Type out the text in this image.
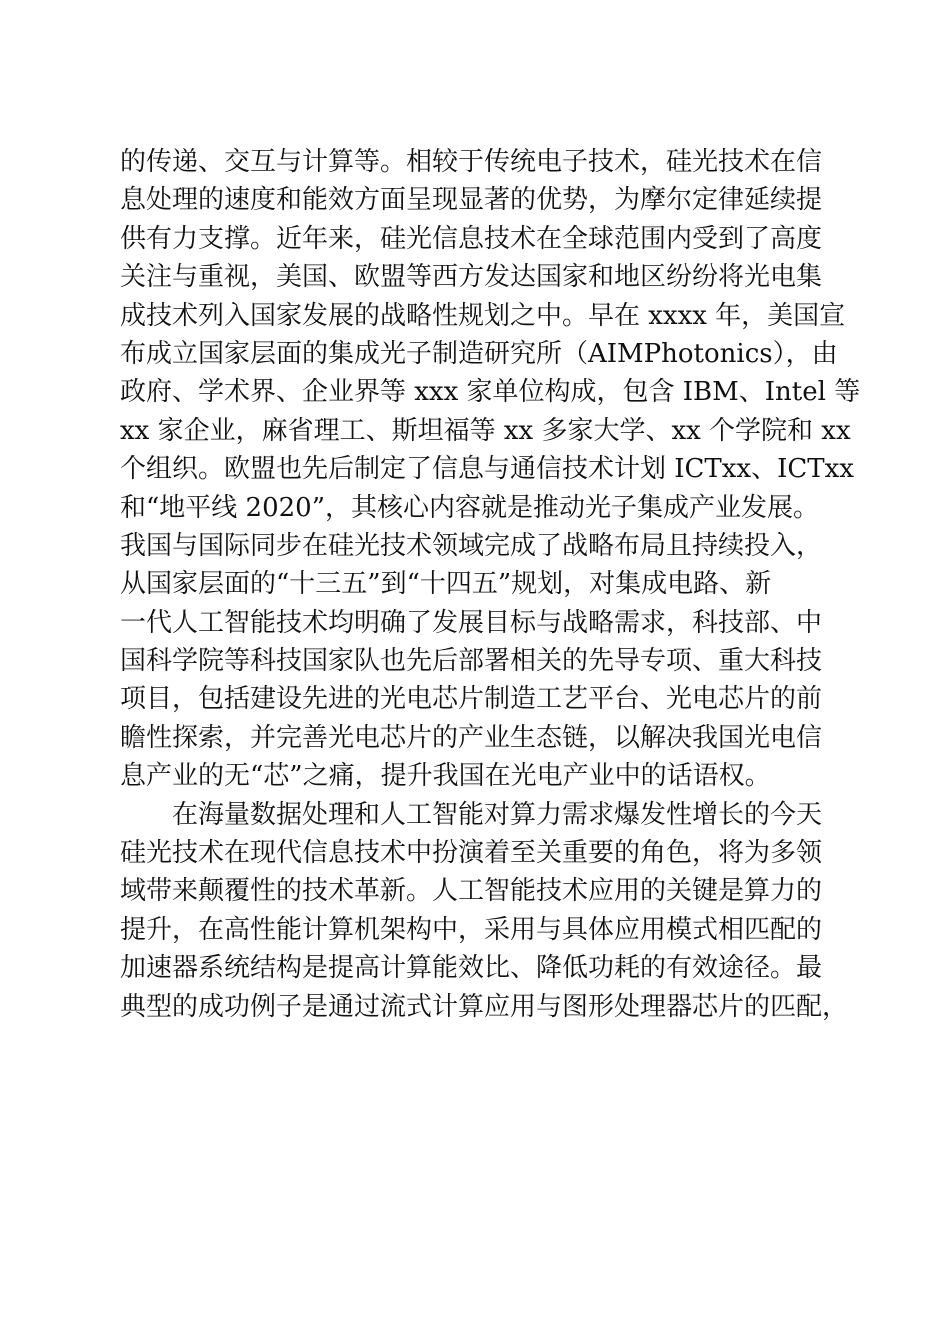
的传递、交互与计算等。相较于传统电子技术，硅光技术在信
息处理的速度和能效方面呈现显著的优势，为摩尔定律延续提
供有力支撑。近年来，硅光信息技术在全球范围内受到了高度
关注与重视，美国、欧盟等西方发达国家和地区纷纷将光电集
成技术列入国家发展的战略性规划之中。早在 xxxx 年，美国宣
布成立国家层面的集成光子制造研究所（AIMPhotonics），由
政府、学术界、企业界等 xxx 家单位构成，包含 IBM、Intel 等
xx 家企业，麻省理工、斯坦福等 xx 多家大学、xx 个学院和 xx
个组织。欧盟也先后制定了信息与通信技术计划 ICTxx、ICTxx
和“地平线 2020”，其核心内容就是推动光子集成产业发展。
我国与国际同步在硅光技术领域完成了战略布局且持续投入，
从国家层面的“十三五”到“十四五”规划，对集成电路、新
一代人工智能技术均明确了发展目标与战略需求，科技部、中
国科学院等科技国家队也先后部署相关的先导专项、重大科技
项目，包括建设先进的光电芯片制造工艺平台、光电芯片的前
瞻性探索，并完善光电芯片的产业生态链，以解决我国光电信
息产业的无“芯”之痛，提升我国在光电产业中的话语权。
在海量数据处理和人工智能对算力需求爆发性增长的今天
硅光技术在现代信息技术中扮演着至关重要的角色，将为多领
域带来颠覆性的技术革新。人工智能技术应用的关键是算力的
提升，在高性能计算机架构中，采用与具体应用模式相匹配的
加速器系统结构是提高计算能效比、降低功耗的有效途径。最
典型的成功例子是通过流式计算应用与图形处理器芯片的匹配，
